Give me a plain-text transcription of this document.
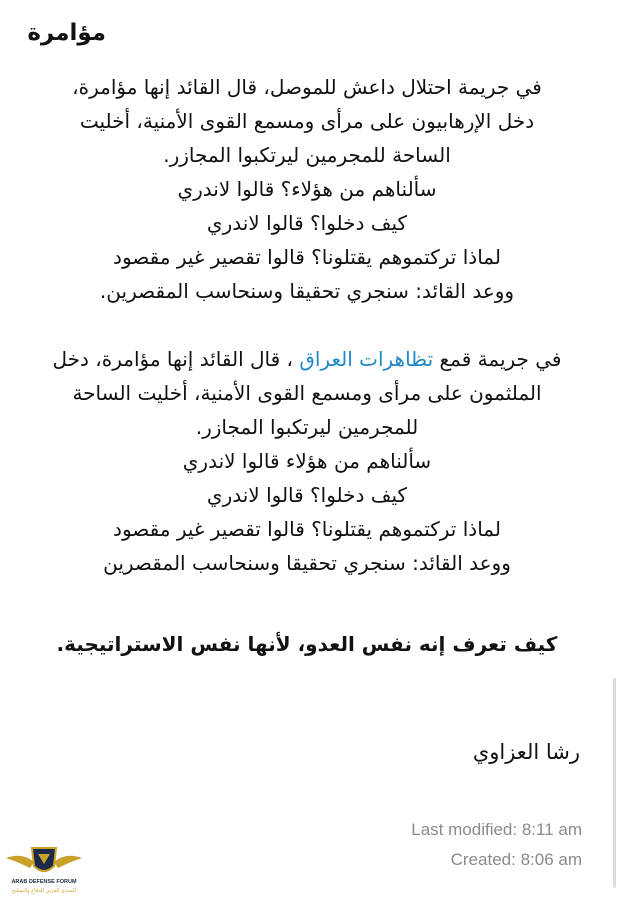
مؤامرة

في جريمة احتلال داعش للموصل، قال القائد إنها مؤامرة،

دخل الإرهابيون على مرأى ومسمع القوى الأمنية، أخليت

الساحة للمجرمين ليرتكبوا المجازر.

سألناهم من هؤلاء؟ قالوا لاندري

كيف دخلوا؟ قالوا لاندري

لماذا تركتموهم يقتلونا؟ قالوا تقصير غير مقصود

ووعد القائد: سنجري تحقيقا وسنحاسب المقصرين.

في جريمة قمع تظاهرات العراق ، قال القائد إنها مؤامرة، دخل

الملثمون على مرأى ومسمع القوى الأمنية، أخليت الساحة

للمجرمين ليرتكبوا المجازر.

سألناهم من هؤلاء قالوا لاندري

كيف دخلوا؟ قالوا لاندري

لماذا تركتموهم يقتلونا؟ قالوا تقصير غير مقصود

ووعد القائد: سنجري تحقيقا وسنحاسب المقصرين

كيف تعرف إنه نفس العدو، لأنها نفس الاستراتيجية.

رشا العزاوي

Last modified: 8:11 am

Created: 8:06 am

ARAB DEFENSE FORUM
المنتدى العربي للدفاع والتسليح
